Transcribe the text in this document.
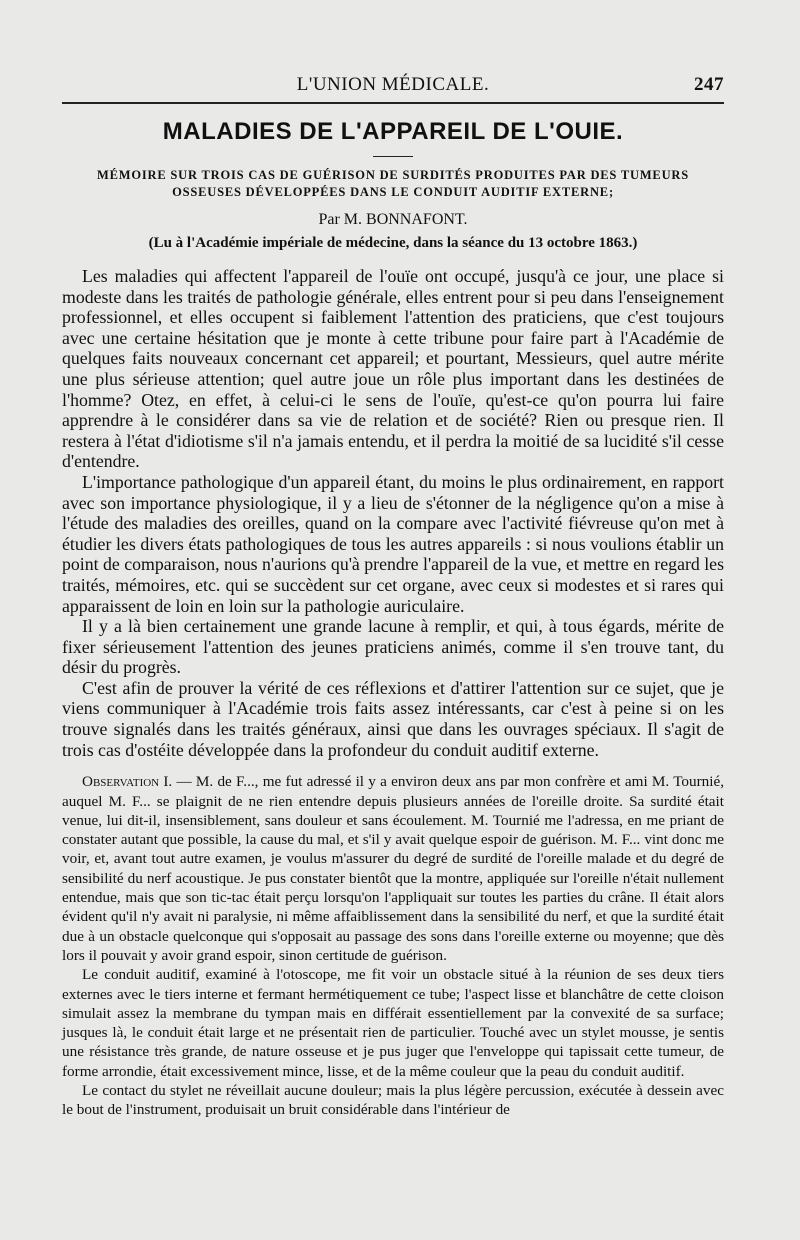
L'UNION MÉDICALE.	247
MALADIES DE L'APPAREIL DE L'OUIE.
MÉMOIRE SUR TROIS CAS DE GUÉRISON DE SURDITÉS PRODUITES PAR DES TUMEURS OSSEUSES DÉVELOPPÉES DANS LE CONDUIT AUDITIF EXTERNE;
Par M. BONNAFONT.
(Lu à l'Académie impériale de médecine, dans la séance du 13 octobre 1863.)

Les maladies qui affectent l'appareil de l'ouïe ont occupé, jusqu'à ce jour, une place si modeste dans les traités de pathologie générale, elles entrent pour si peu dans l'enseignement professionnel, et elles occupent si faiblement l'attention des praticiens, que c'est toujours avec une certaine hésitation que je monte à cette tribune pour faire part à l'Académie de quelques faits nouveaux concernant cet appareil; et pourtant, Messieurs, quel autre mérite une plus sérieuse attention; quel autre joue un rôle plus important dans les destinées de l'homme? Otez, en effet, à celui-ci le sens de l'ouïe, qu'est-ce qu'on pourra lui faire apprendre à le considérer dans sa vie de relation et de société? Rien ou presque rien. Il restera à l'état d'idiotisme s'il n'a jamais entendu, et il perdra la moitié de sa lucidité s'il cesse d'entendre.

L'importance pathologique d'un appareil étant, du moins le plus ordinairement, en rapport avec son importance physiologique, il y a lieu de s'étonner de la négligence qu'on a mise à l'étude des maladies des oreilles, quand on la compare avec l'activité fiévreuse qu'on met à étudier les divers états pathologiques de tous les autres appareils : si nous voulions établir un point de comparaison, nous n'aurions qu'à prendre l'appareil de la vue, et mettre en regard les traités, mémoires, etc. qui se succèdent sur cet organe, avec ceux si modestes et si rares qui apparaissent de loin en loin sur la pathologie auriculaire.

Il y a là bien certainement une grande lacune à remplir, et qui, à tous égards, mérite de fixer sérieusement l'attention des jeunes praticiens animés, comme il s'en trouve tant, du désir du progrès.

C'est afin de prouver la vérité de ces réflexions et d'attirer l'attention sur ce sujet, que je viens communiquer à l'Académie trois faits assez intéressants, car c'est à peine si on les trouve signalés dans les traités généraux, ainsi que dans les ouvrages spéciaux. Il s'agit de trois cas d'ostéite développée dans la profondeur du conduit auditif externe.

Observation I. — M. de F..., me fut adressé il y a environ deux ans par mon confrère et ami M. Tournié, auquel M. F... se plaignit de ne rien entendre depuis plusieurs années de l'oreille droite. Sa surdité était venue, lui dit-il, insensiblement, sans douleur et sans écoulement. M. Tournié me l'adressa, en me priant de constater autant que possible, la cause du mal, et s'il y avait quelque espoir de guérison. M. F... vint donc me voir, et, avant tout autre examen, je voulus m'assurer du degré de surdité de l'oreille malade et du degré de sensibilité du nerf acoustique. Je pus constater bientôt que la montre, appliquée sur l'oreille n'était nullement entendue, mais que son tic-tac était perçu lorsqu'on l'appliquait sur toutes les parties du crâne. Il était alors évident qu'il n'y avait ni paralysie, ni même affaiblissement dans la sensibilité du nerf, et que la surdité était due à un obstacle quelconque qui s'opposait au passage des sons dans l'oreille externe ou moyenne; que dès lors il pouvait y avoir grand espoir, sinon certitude de guérison.

Le conduit auditif, examiné à l'otoscope, me fit voir un obstacle situé à la réunion de ses deux tiers externes avec le tiers interne et fermant hermétiquement ce tube; l'aspect lisse et blanchâtre de cette cloison simulait assez la membrane du tympan mais en différait essentiellement par la convexité de sa surface; jusques là, le conduit était large et ne présentait rien de particulier. Touché avec un stylet mousse, je sentis une résistance très grande, de nature osseuse et je pus juger que l'enveloppe qui tapissait cette tumeur, de forme arrondie, était excessivement mince, lisse, et de la même couleur que la peau du conduit auditif.

Le contact du stylet ne réveillait aucune douleur; mais la plus légère percussion, exécutée à dessein avec le bout de l'instrument, produisait un bruit considérable dans l'intérieur de
